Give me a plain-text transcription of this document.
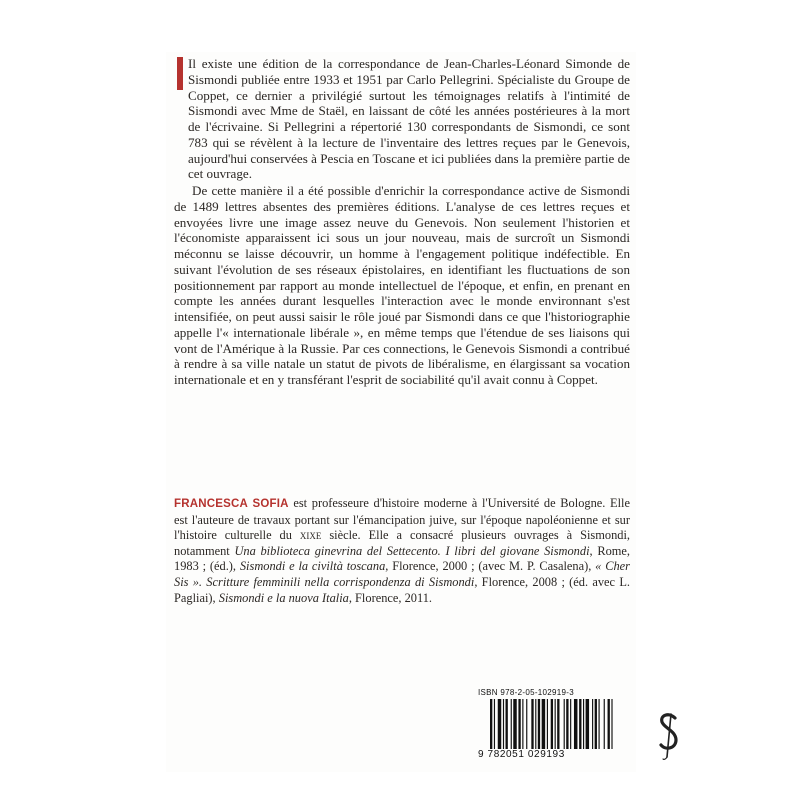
Il existe une édition de la correspondance de Jean-Charles-Léonard Simonde de Sismondi publiée entre 1933 et 1951 par Carlo Pellegrini. Spécialiste du Groupe de Coppet, ce dernier a privilégié surtout les témoignages relatifs à l'intimité de Sismondi avec Mme de Staël, en laissant de côté les années postérieures à la mort de l'écrivaine. Si Pellegrini a répertorié 130 correspondants de Sismondi, ce sont 783 qui se révèlent à la lecture de l'inventaire des lettres reçues par le Genevois, aujourd'hui conservées à Pescia en Toscane et ici publiées dans la première partie de cet ouvrage.

De cette manière il a été possible d'enrichir la correspondance active de Sismondi de 1489 lettres absentes des premières éditions. L'analyse de ces lettres reçues et envoyées livre une image assez neuve du Genevois. Non seulement l'historien et l'économiste apparaissent ici sous un jour nouveau, mais de surcroît un Sismondi méconnu se laisse découvrir, un homme à l'engagement politique indéfectible. En suivant l'évolution de ses réseaux épistolaires, en identifiant les fluctuations de son positionnement par rapport au monde intellectuel de l'époque, et enfin, en prenant en compte les années durant lesquelles l'interaction avec le monde environnant s'est intensifiée, on peut aussi saisir le rôle joué par Sismondi dans ce que l'historiographie appelle l'« internationale libérale », en même temps que l'étendue de ses liaisons qui vont de l'Amérique à la Russie. Par ces connections, le Genevois Sismondi a contribué à rendre à sa ville natale un statut de pivots de libéralisme, en élargissant sa vocation internationale et en y transférant l'esprit de sociabilité qu'il avait connu à Coppet.

FRANCESCA SOFIA est professeure d'histoire moderne à l'Université de Bologne. Elle est l'auteure de travaux portant sur l'émancipation juive, sur l'époque napoléonienne et sur l'histoire culturelle du xixe siècle. Elle a consacré plusieurs ouvrages à Sismondi, notamment Una biblioteca ginevrina del Settecento. I libri del giovane Sismondi, Rome, 1983 ; (éd.), Sismondi e la civiltà toscana, Florence, 2000 ; (avec M. P. Casalena), « Cher Sis ». Scritture femminili nella corrispondenza di Sismondi, Florence, 2008 ; (éd. avec L. Pagliai), Sismondi e la nuova Italia, Florence, 2011.
ISBN 978-2-05-102919-3
9 782051 029193
